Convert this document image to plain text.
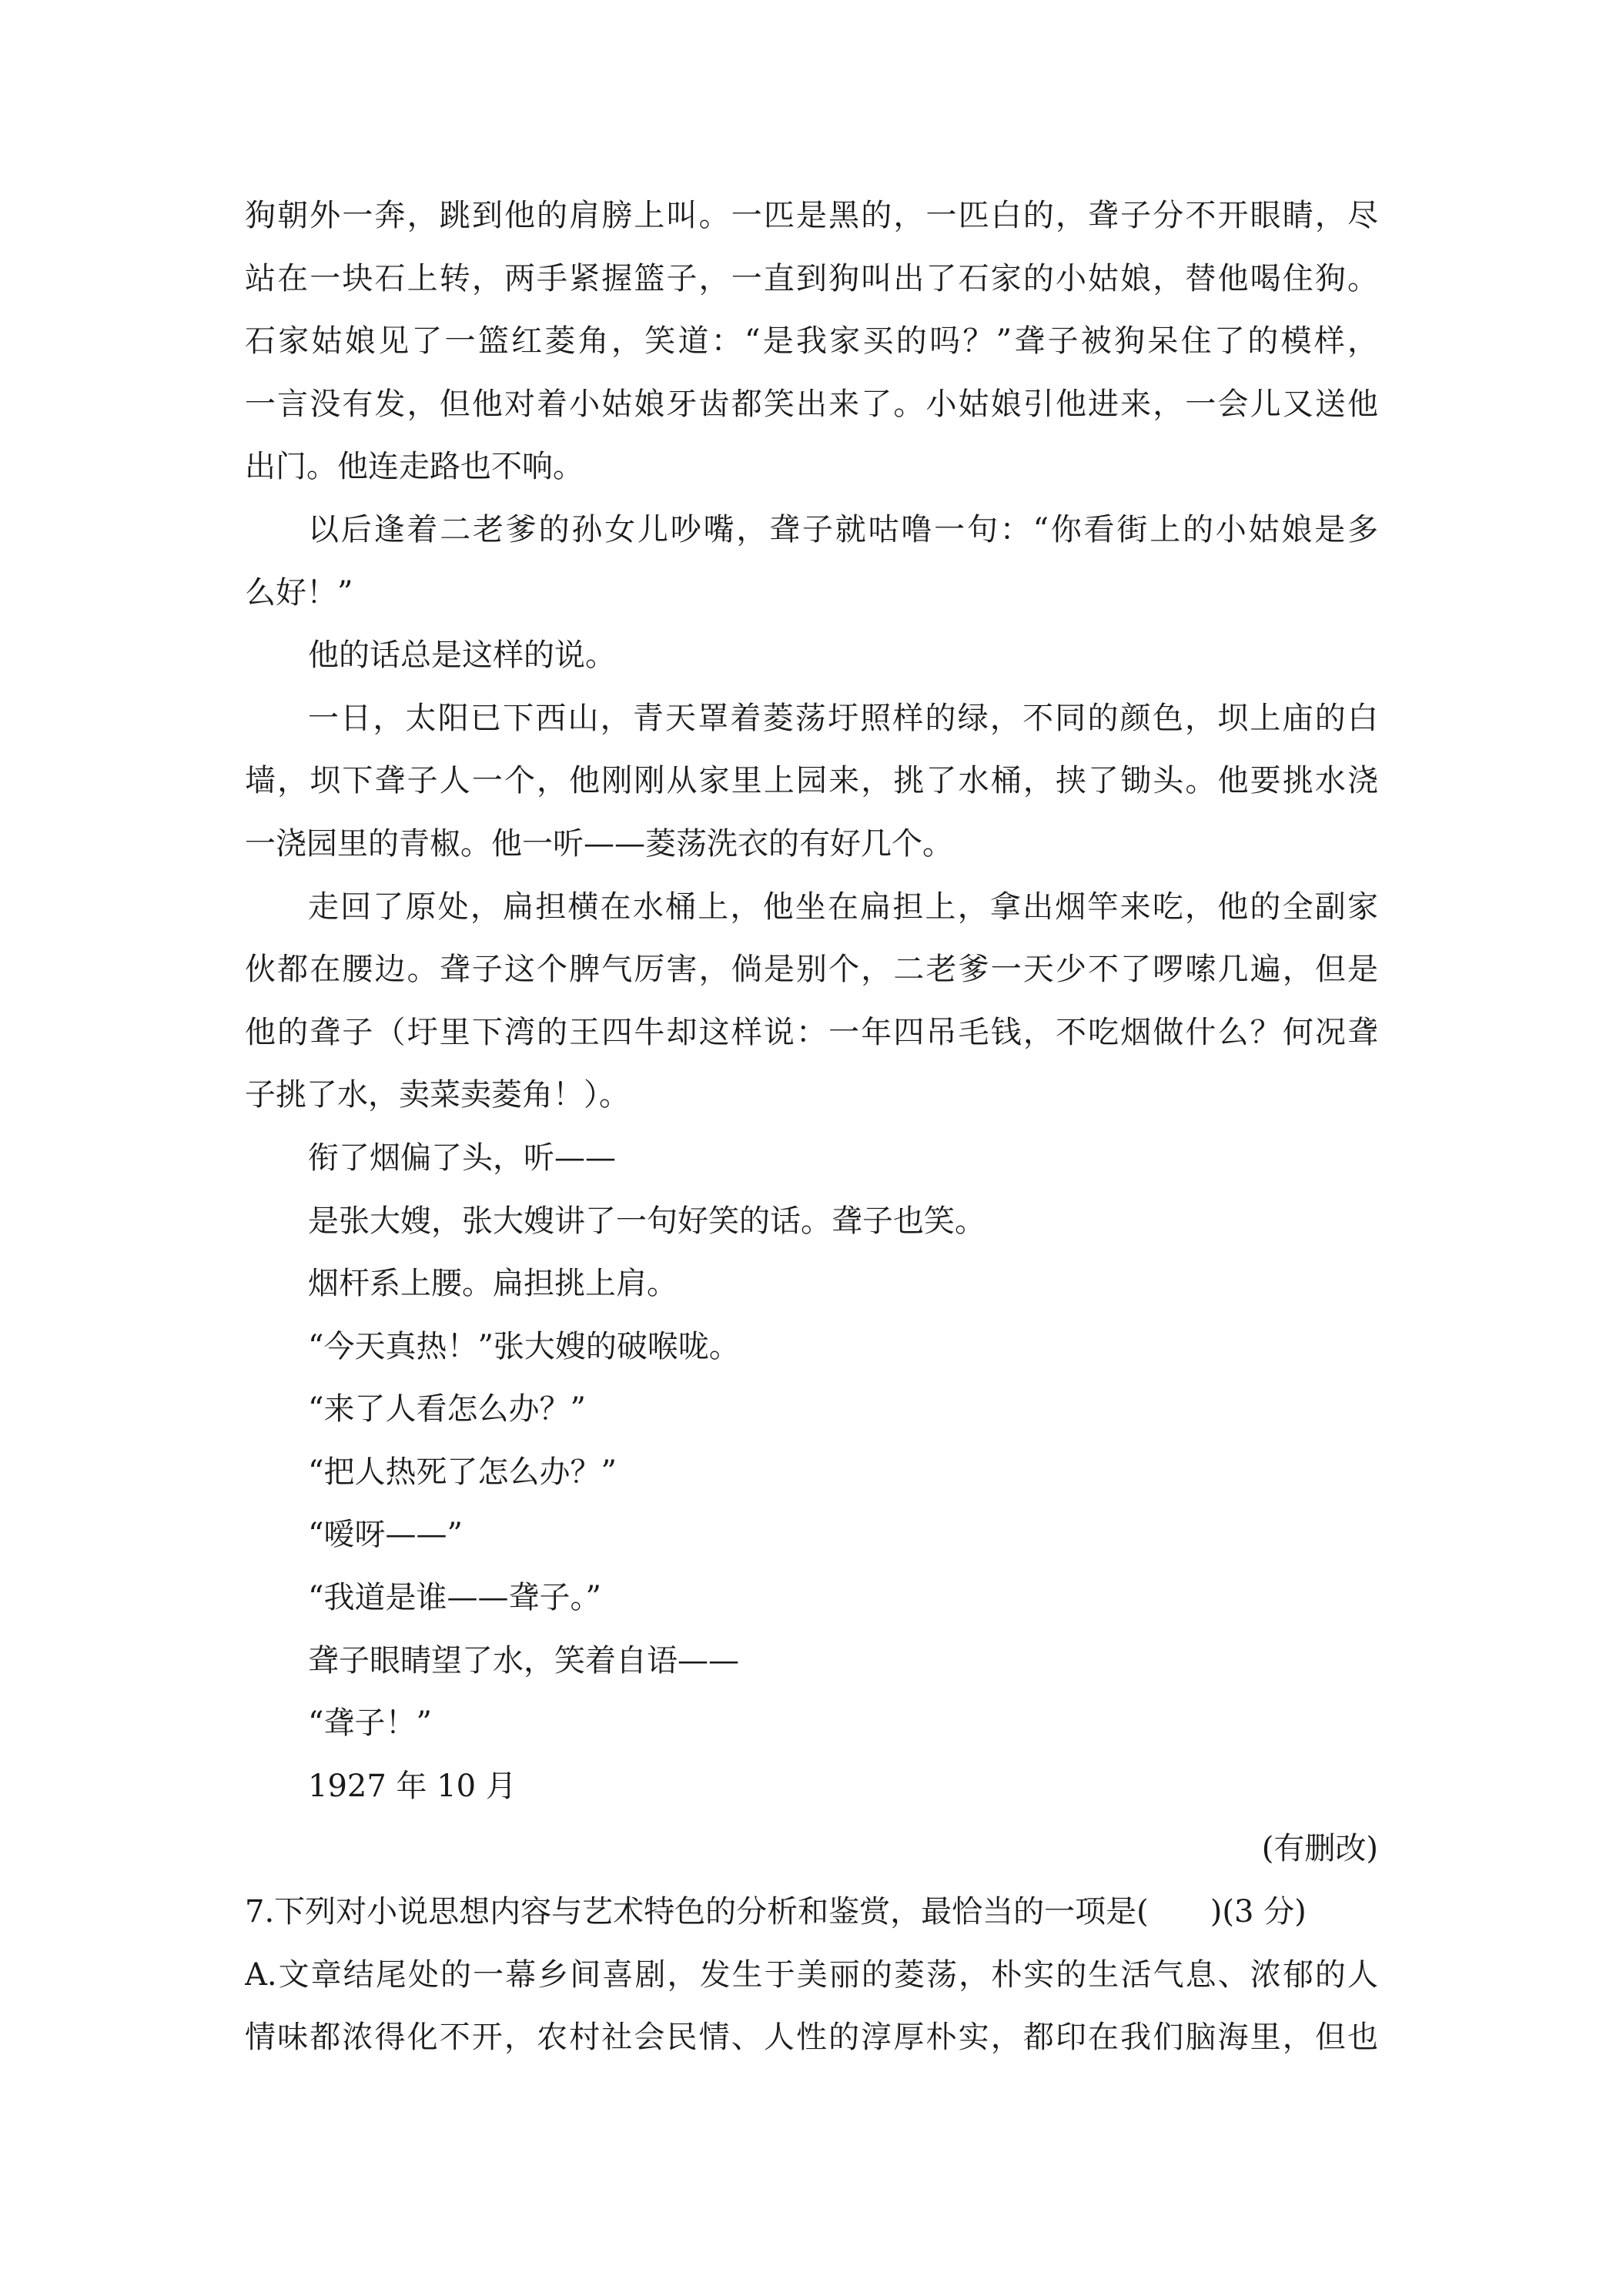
狗朝外一奔，跳到他的肩膀上叫。一匹是黑的，一匹白的，聋子分不开眼睛，尽
站在一块石上转，两手紧握篮子，一直到狗叫出了石家的小姑娘，替他喝住狗。
石家姑娘见了一篮红菱角，笑道：“是我家买的吗？”聋子被狗呆住了的模样，
一言没有发，但他对着小姑娘牙齿都笑出来了。小姑娘引他进来，一会儿又送他
出门。他连走路也不响。
以后逢着二老爹的孙女儿吵嘴，聋子就咕噜一句：“你看街上的小姑娘是多
么好！”
他的话总是这样的说。
一日，太阳已下西山，青天罩着菱荡圩照样的绿，不同的颜色，坝上庙的白
墙，坝下聋子人一个，他刚刚从家里上园来，挑了水桶，挟了锄头。他要挑水浇
一浇园里的青椒。他一听——菱荡洗衣的有好几个。
走回了原处，扁担横在水桶上，他坐在扁担上，拿出烟竿来吃，他的全副家
伙都在腰边。聋子这个脾气厉害，倘是别个，二老爹一天少不了啰嗦几遍，但是
他的聋子（圩里下湾的王四牛却这样说：一年四吊毛钱，不吃烟做什么？何况聋
子挑了水，卖菜卖菱角！）。
衔了烟偏了头，听——
是张大嫂，张大嫂讲了一句好笑的话。聋子也笑。
烟杆系上腰。扁担挑上肩。
“今天真热！”张大嫂的破喉咙。
“来了人看怎么办？”
“把人热死了怎么办？”
“嗳呀——”
“我道是谁——聋子。”
聋子眼睛望了水，笑着自语——
“聋子！”
1927 年 10 月
(有删改)
7.下列对小说思想内容与艺术特色的分析和鉴赏，最恰当的一项是(　　)(3 分)
A.文章结尾处的一幕乡间喜剧，发生于美丽的菱荡，朴实的生活气息、浓郁的人
情味都浓得化不开，农村社会民情、人性的淳厚朴实，都印在我们脑海里，但也
